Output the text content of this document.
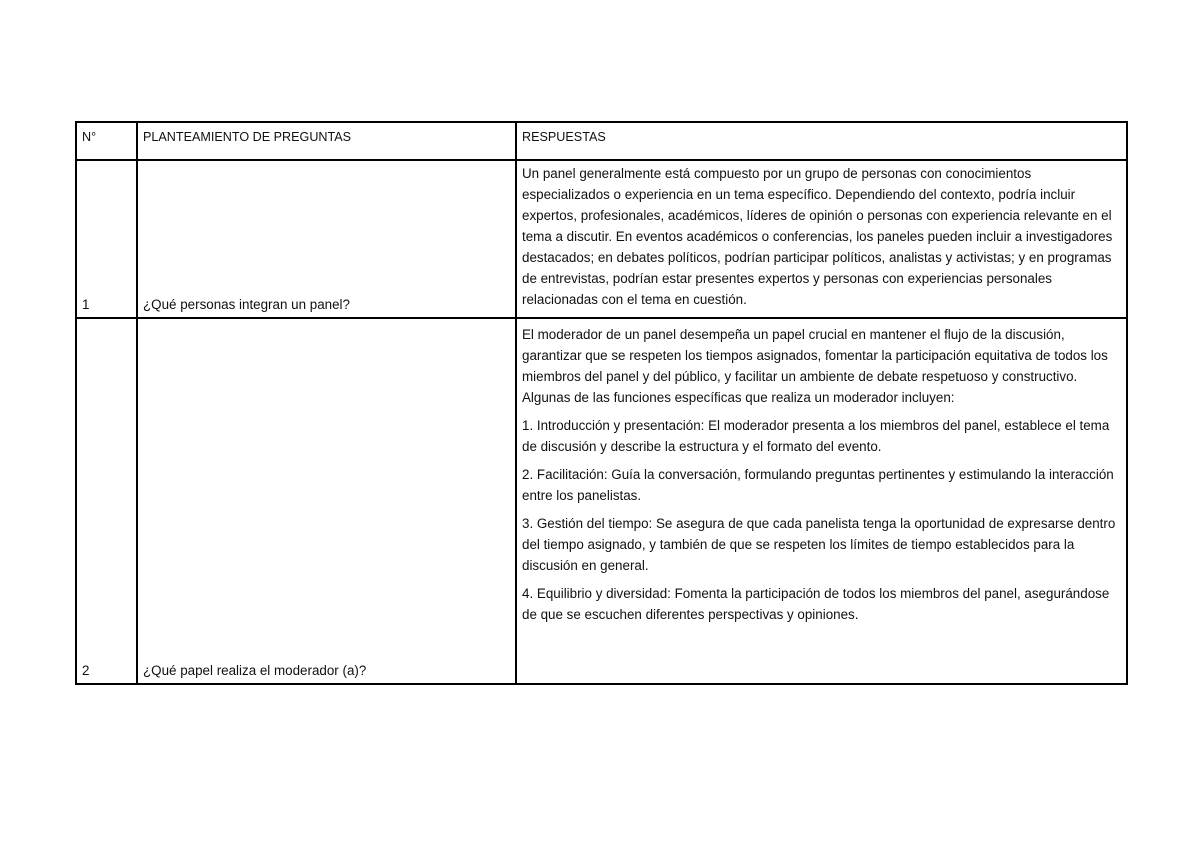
N°	PLANTEAMIENTO DE PREGUNTAS	RESPUESTAS
1	¿Qué personas integran un panel?	Un panel generalmente está compuesto por un grupo de personas con conocimientos especializados o experiencia en un tema específico. Dependiendo del contexto, podría incluir expertos, profesionales, académicos, líderes de opinión o personas con experiencia relevante en el tema a discutir. En eventos académicos o conferencias, los paneles pueden incluir a investigadores destacados; en debates políticos, podrían participar políticos, analistas y activistas; y en programas de entrevistas, podrían estar presentes expertos y personas con experiencias personales relacionadas con el tema en cuestión.

2	¿Qué papel realiza el moderador (a)?	El moderador de un panel desempeña un papel crucial en mantener el flujo de la discusión, garantizar que se respeten los tiempos asignados, fomentar la participación equitativa de todos los miembros del panel y del público, y facilitar un ambiente de debate respetuoso y constructivo. Algunas de las funciones específicas que realiza un moderador incluyen:

1. Introducción y presentación: El moderador presenta a los miembros del panel, establece el tema de discusión y describe la estructura y el formato del evento.

2. Facilitación: Guía la conversación, formulando preguntas pertinentes y estimulando la interacción entre los panelistas.

3. Gestión del tiempo: Se asegura de que cada panelista tenga la oportunidad de expresarse dentro del tiempo asignado, y también de que se respeten los límites de tiempo establecidos para la discusión en general.

4. Equilibrio y diversidad: Fomenta la participación de todos los miembros del panel, asegurándose de que se escuchen diferentes perspectivas y opiniones.
